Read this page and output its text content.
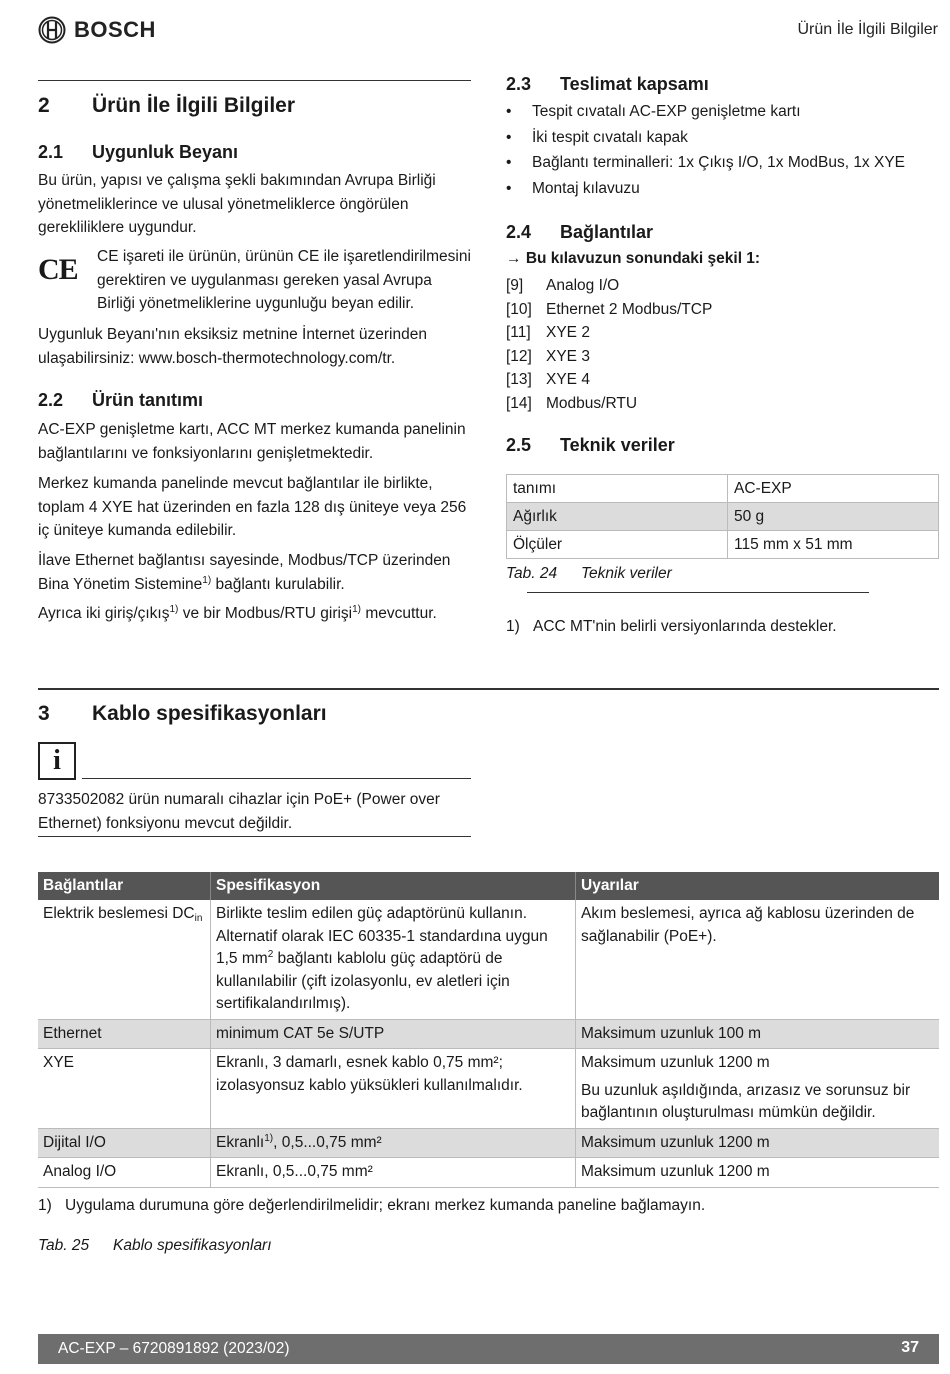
BOSCH	Ürün İle İlgili Bilgiler
2 Ürün İle İlgili Bilgiler
2.1 Uygunluk Beyanı

Bu ürün, yapısı ve çalışma şekli bakımından Avrupa Birliği yönetmeliklerince ve ulusal yönetmeliklerce öngörülen gerekliliklere uygundur.

CE CE işareti ile ürünün, ürünün CE ile işaretlendirilmesini gerektiren ve uygulanması gereken yasal Avrupa Birliği yönetmeliklerine uygunluğu beyan edilir.

Uygunluk Beyanı'nın eksiksiz metnine İnternet üzerinden ulaşabilirsiniz: www.bosch-thermotechnology.com/tr.

2.2 Ürün tanıtımı

AC-EXP genişletme kartı, ACC MT merkez kumanda panelinin bağlantılarını ve fonksiyonlarını genişletmektedir.

Merkez kumanda panelinde mevcut bağlantılar ile birlikte, toplam 4 XYE hat üzerinden en fazla 128 dış üniteye veya 256 iç üniteye kumanda edilebilir.

İlave Ethernet bağlantısı sayesinde, Modbus/TCP üzerinden Bina Yönetim Sistemine$^{1)}$ bağlantı kurulabilir.

Ayrıca iki giriş/çıkış$^{1)}$ ve bir Modbus/RTU girişi$^{1)}$ mevcuttur.

2.3 Teslimat kapsamı
• Tespit cıvatalı AC-EXP genişletme kartı
• İki tespit cıvatalı kapak
• Bağlantı terminalleri: 1x Çıkış I/O, 1x ModBus, 1x XYE
• Montaj kılavuzu
2.4 Bağlantılar
→ Bu kılavuzun sonundaki şekil 1:
[9] Analog I/O
[10] Ethernet 2 Modbus/TCP
[11] XYE 2
[12] XYE 3
[13] XYE 4
[14] Modbus/RTU
2.5 Teknik veriler
tanımı	AC-EXP
Ağırlık	50 g
Ölçüler	115 mm x 51 mm
Tab. 24 Teknik veriler
1) ACC MT'nin belirli versiyonlarında destekler.
3 Kablo spesifikasyonları
i

8733502082 ürün numaralı cihazlar için PoE+ (Power over Ethernet) fonksiyonu mevcut değildir.

Bağlantılar	Spesifikasyon	Uyarılar
Elektrik beslemesi $DC_{in}$	Birlikte teslim edilen güç adaptörünü kullanın. Alternatif olarak IEC 60335-1 standardına uygun 1,5 $mm^2$ bağlantı kablolu güç adaptörü de kullanılabilir (çift izolasyonlu, ev aletleri için sertifikalandırılmış).	Akım beslemesi, ayrıca ağ kablosu üzerinden de sağlanabilir (PoE+).
Ethernet	minimum CAT 5e S/UTP	Maksimum uzunluk 100 m
XYE	Ekranlı, 3 damarlı, esnek kablo 0,75 mm²; izolasyonsuz kablo yüksükleri kullanılmalıdır.	Maksimum uzunluk 1200 m

Bu uzunluk aşıldığında, arızasız ve sorunsuz bir bağlantının oluşturulması mümkün değildir.

Dijital I/O	Ekranlı$^{1)}$, 0,5...0,75 mm²	Maksimum uzunluk 1200 m
Analog I/O	Ekranlı, 0,5...0,75 mm²	Maksimum uzunluk 1200 m
1) Uygulama durumuna göre değerlendirilmelidir; ekranı merkez kumanda paneline bağlamayın.
Tab. 25 Kablo spesifikasyonları
AC-EXP – 6720891892 (2023/02)	37
